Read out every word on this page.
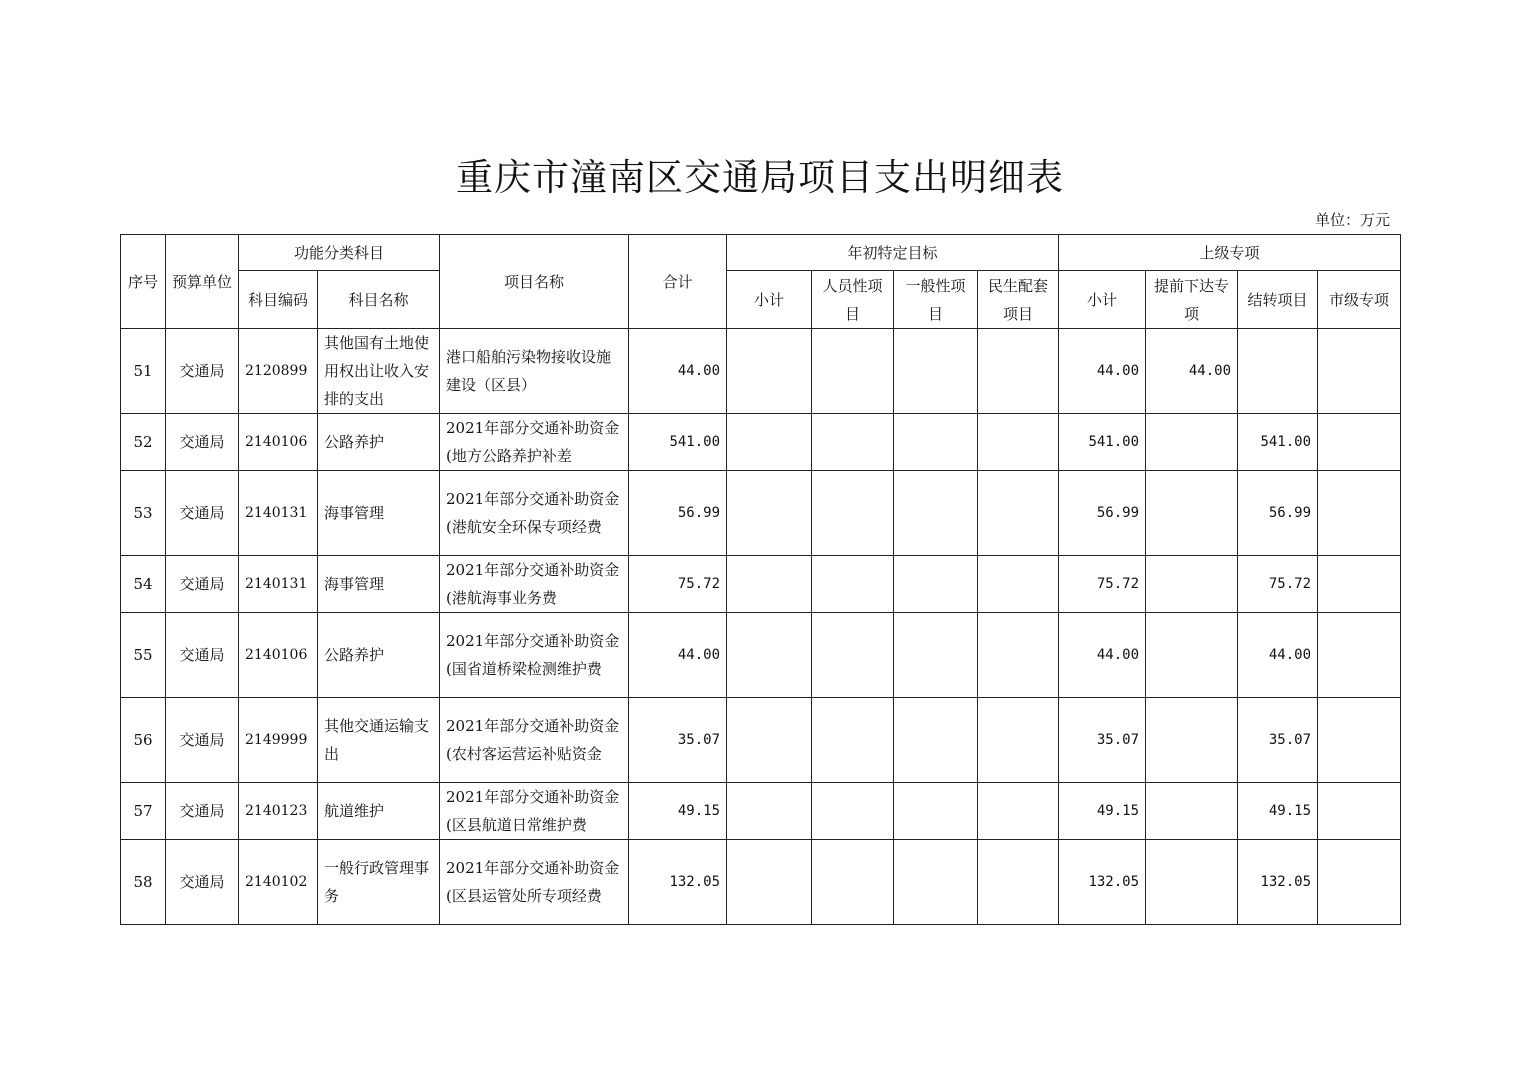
重庆市潼南区交通局项目支出明细表
单位：万元
序号	预算单位	功能分类科目		项目名称	合计	年初特定目标				上级专项			
		科目编码	科目名称			小计	人员性项目	一般性项目	民生配套项目	小计	提前下达专项	结转项目	市级专项
51	交通局	2120899	其他国有土地使用权出让收入安排的支出	港口船舶污染物接收设施建设（区县）	44.00					44.00	44.00		
52	交通局	2140106	公路养护	2021年部分交通补助资金(地方公路养护补差	541.00					541.00		541.00	
53	交通局	2140131	海事管理	2021年部分交通补助资金(港航安全环保专项经费	56.99					56.99		56.99	
54	交通局	2140131	海事管理	2021年部分交通补助资金(港航海事业务费	75.72					75.72		75.72	
55	交通局	2140106	公路养护	2021年部分交通补助资金(国省道桥梁检测维护费	44.00					44.00		44.00	
56	交通局	2149999	其他交通运输支出	2021年部分交通补助资金(农村客运营运补贴资金	35.07					35.07		35.07	
57	交通局	2140123	航道维护	2021年部分交通补助资金(区县航道日常维护费	49.15					49.15		49.15	
58	交通局	2140102	一般行政管理事务	2021年部分交通补助资金(区县运管处所专项经费	132.05					132.05		132.05	
